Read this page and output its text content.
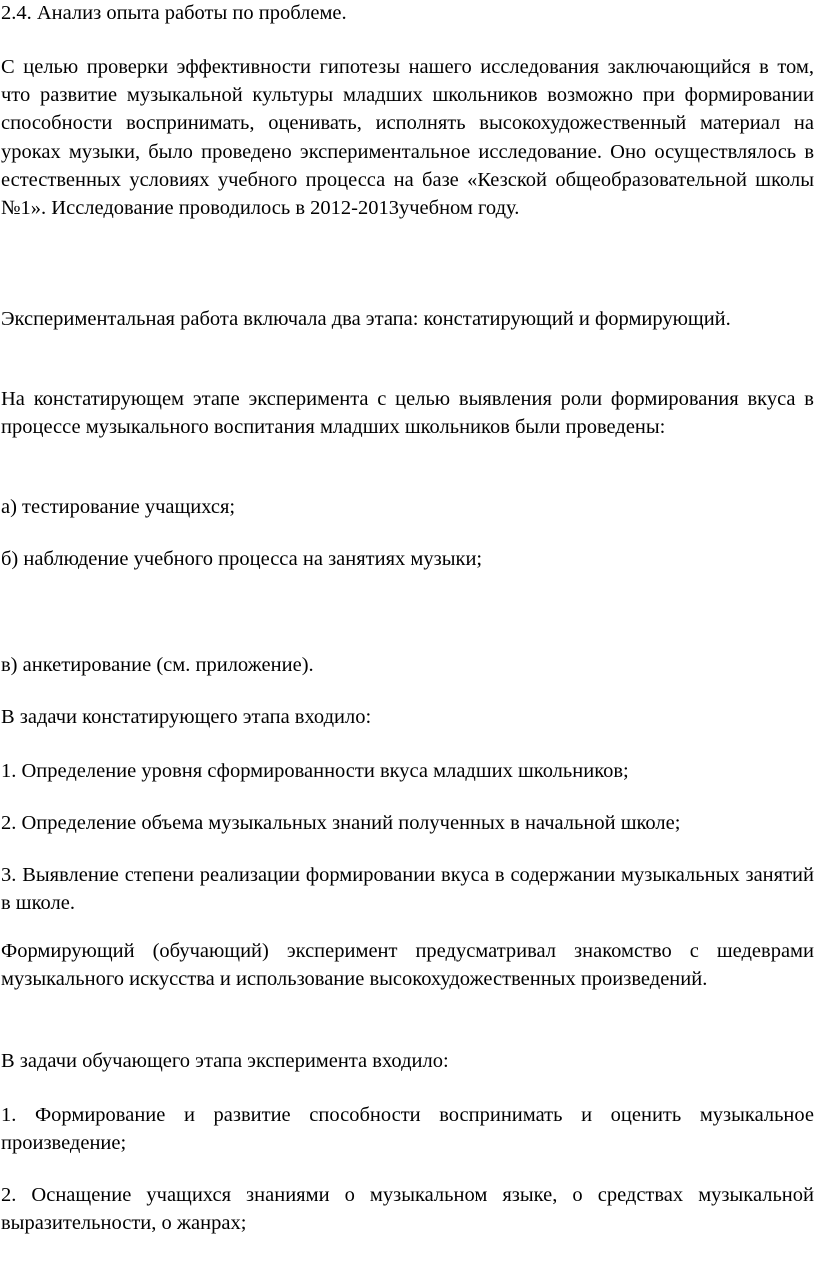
2.4. Анализ опыта работы по проблеме.

С целью проверки эффективности гипотезы нашего исследования заключающийся в том, что развитие музыкальной культуры младших школьников возможно при формировании способности воспринимать, оценивать, исполнять высокохудожественный материал на уроках музыки, было проведено экспериментальное исследование. Оно осуществлялось в естественных условиях учебного процесса на базе «Кезской общеобразовательной школы №1». Исследование проводилось в 2012-2013учебном году.

Экспериментальная работа включала два этапа: констатирующий и формирующий.

На констатирующем этапе эксперимента с целью выявления роли формирования вкуса в процессе музыкального воспитания младших школьников были проведены:

а) тестирование учащихся;

б) наблюдение учебного процесса на занятиях музыки;

в) анкетирование (см. приложение).

В задачи констатирующего этапа входило:

1. Определение уровня сформированности вкуса младших школьников;

2. Определение объема музыкальных знаний полученных в начальной школе;

3. Выявление степени реализации формировании вкуса в содержании музыкальных занятий в школе.

Формирующий (обучающий) эксперимент предусматривал знакомство с шедеврами музыкального искусства и использование высокохудожественных произведений.

В задачи обучающего этапа эксперимента входило:

1. Формирование и развитие способности воспринимать и оценить музыкальное произведение;

2. Оснащение учащихся знаниями о музыкальном языке, о средствах музыкальной выразительности, о жанрах;
